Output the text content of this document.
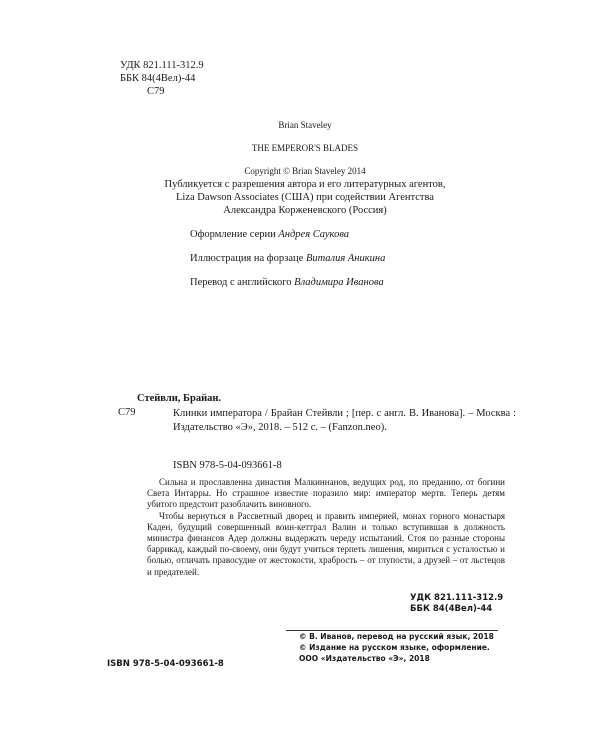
УДК 821.111-312.9
ББК 84(4Вел)-44
С79
Brian Staveley
THE EMPEROR'S BLADES
Copyright © Brian Staveley 2014
Публикуется с разрешения автора и его литературных агентов,
Liza Dawson Associates (США) при содействии Агентства
Александра Корженевского (Россия)
Оформление серии Андрея Саукова
Иллюстрация на форзаце Виталия Аникина
Перевод с английского Владимира Иванова
Стейвли, Брайан.
С79	Клинки императора / Брайан Стейвли ; [пер. с англ. В. Иванова]. – Москва : Издательство «Э», 2018. – 512 с. – (Fanzon.neo).
ISBN 978-5-04-093661-8

Сильна и прославленна династия Малкиннанов, ведущих род, по преданию, от богини Света Интарры. Но страшное известие поразило мир: император мертв. Теперь детям убитого предстоит разоблачить виновного.

Чтобы вернуться в Рассветный дворец и править империей, монах горного монастыря Каден, будущий совершенный воин-кеттрал Валин и только вступившая в должность министра финансов Адер должны выдержать череду испытаний. Стоя по разные стороны баррикад, каждый по-своему, они будут учиться терпеть лишения, мириться с усталостью и болью, отличать правосудие от жестокости, храбрость – от глупости, а друзей – от льстецов и предателей.

УДК 821.111-312.9
ББК 84(4Вел)-44
© В. Иванов, перевод на русский язык, 2018
© Издание на русском языке, оформление.
ООО «Издательство «Э», 2018
ISBN 978-5-04-093661-8
